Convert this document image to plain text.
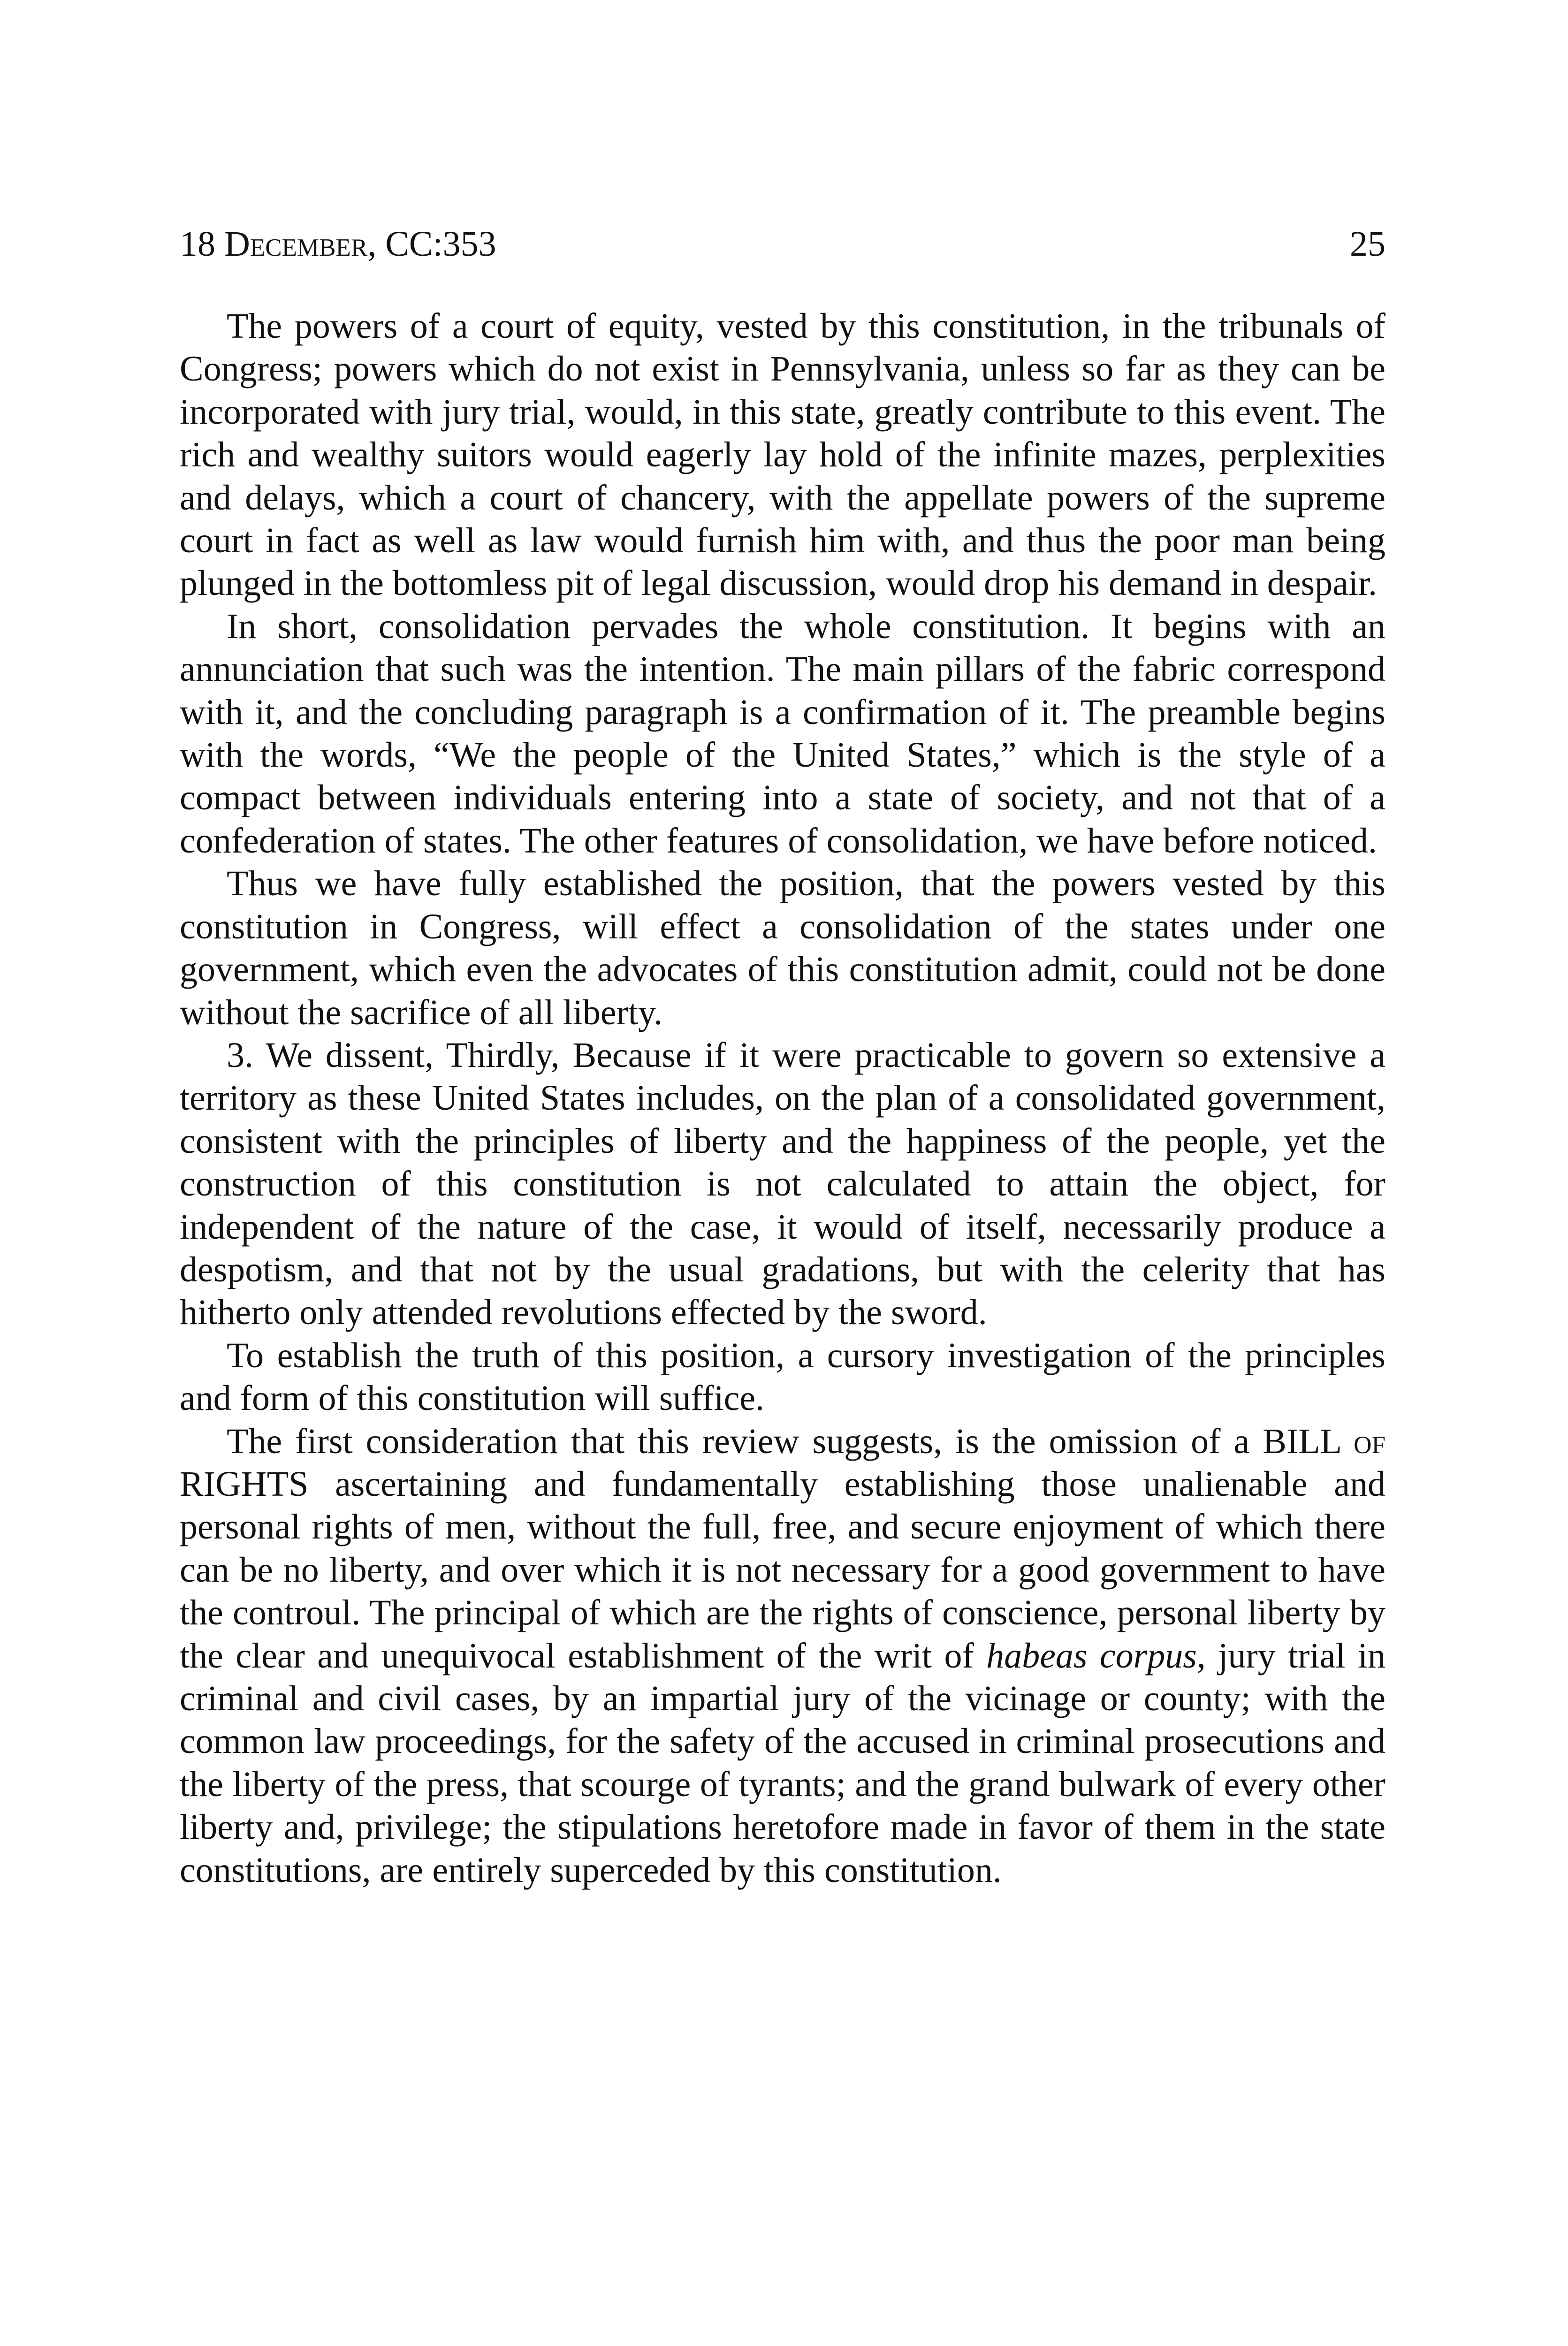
18 December, CC:353	25

The powers of a court of equity, vested by this constitution, in the tribunals of Congress; powers which do not exist in Pennsylvania, unless so far as they can be incorporated with jury trial, would, in this state, greatly contribute to this event. The rich and wealthy suitors would eagerly lay hold of the infinite mazes, perplexities and delays, which a court of chancery, with the appellate powers of the supreme court in fact as well as law would furnish him with, and thus the poor man being plunged in the bottomless pit of legal discussion, would drop his demand in despair.

In short, consolidation pervades the whole constitution. It begins with an annunciation that such was the intention. The main pillars of the fabric correspond with it, and the concluding paragraph is a confirmation of it. The preamble begins with the words, “We the people of the United States,” which is the style of a compact between individuals entering into a state of society, and not that of a confederation of states. The other features of consolidation, we have before noticed.

Thus we have fully established the position, that the powers vested by this constitution in Congress, will effect a consolidation of the states under one government, which even the advocates of this constitution admit, could not be done without the sacrifice of all liberty.

3. We dissent, Thirdly, Because if it were practicable to govern so extensive a territory as these United States includes, on the plan of a consolidated government, consistent with the principles of liberty and the happiness of the people, yet the construction of this constitution is not calculated to attain the object, for independent of the nature of the case, it would of itself, necessarily produce a despotism, and that not by the usual gradations, but with the celerity that has hitherto only attended revolutions effected by the sword.

To establish the truth of this position, a cursory investigation of the principles and form of this constitution will suffice.

The first consideration that this review suggests, is the omission of a BILL of RIGHTS ascertaining and fundamentally establishing those unalienable and personal rights of men, without the full, free, and secure enjoyment of which there can be no liberty, and over which it is not necessary for a good government to have the controul. The principal of which are the rights of conscience, personal liberty by the clear and unequivocal establishment of the writ of habeas corpus, jury trial in criminal and civil cases, by an impartial jury of the vicinage or county; with the common law proceedings, for the safety of the accused in criminal prosecutions and the liberty of the press, that scourge of tyrants; and the grand bulwark of every other liberty and, privilege; the stipulations heretofore made in favor of them in the state constitutions, are entirely superceded by this constitution.
